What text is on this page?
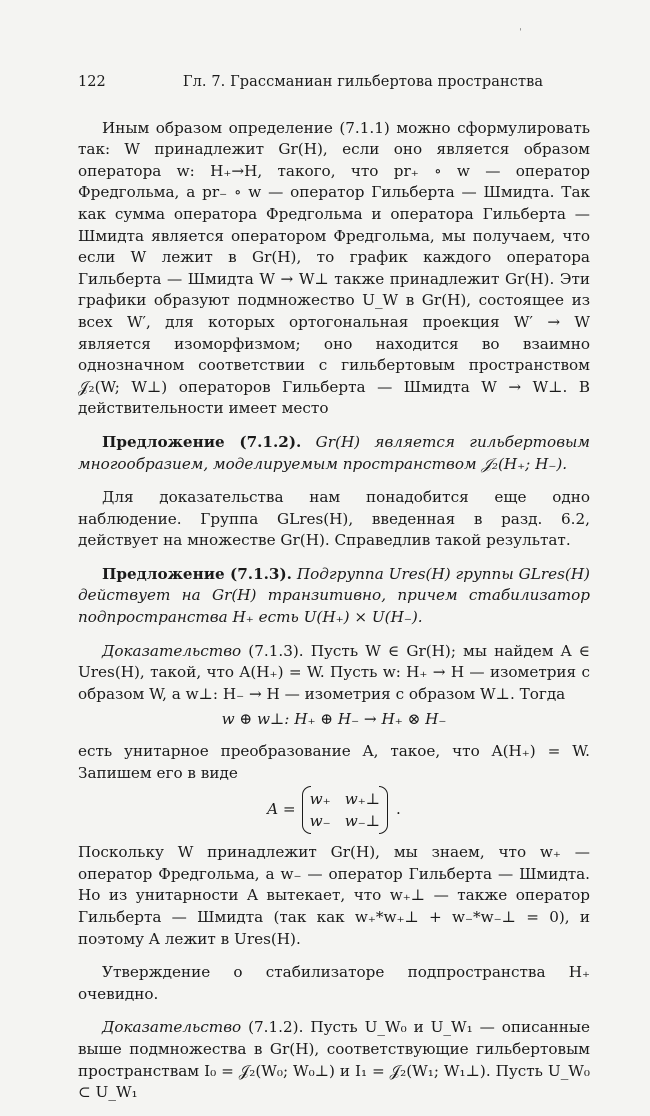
ˈ
122	Гл. 7. Грассманиан гильбертова пространства

Иным образом определение (7.1.1) можно сформулировать так: W принадлежит Gr(H), если оно является образом оператора w: H₊→H, такого, что pr₊ ∘ w — оператор Фредгольма, а pr₋ ∘ w — оператор Гильберта — Шмидта. Так как сумма оператора Фредгольма и оператора Гильберта — Шмидта является оператором Фредгольма, мы получаем, что если W лежит в Gr(H), то график каждого оператора Гильберта — Шмидта W → W⊥ также принадлежит Gr(H). Эти графики образуют подмножество U_W в Gr(H), состоящее из всех W′, для которых ортогональная проекция W′ → W является изоморфизмом; оно находится во взаимно однозначном соответствии с гильбертовым пространством 𝒥₂(W; W⊥) операторов Гильберта — Шмидта W → W⊥. В действительности имеет место

Предложение (7.1.2). Gr(H) является гильбертовым многообразием, моделируемым пространством 𝒥₂(H₊; H₋).

Для доказательства нам понадобится еще одно наблюдение. Группа GLres(H), введенная в разд. 6.2, действует на множестве Gr(H). Справедлив такой результат.

Предложение (7.1.3). Подгруппа Ures(H) группы GLres(H) действует на Gr(H) транзитивно, причем стабилизатор подпространства H₊ есть U(H₊) × U(H₋).

Доказательство (7.1.3). Пусть W ∈ Gr(H); мы найдем A ∈ Ures(H), такой, что A(H₊) = W. Пусть w: H₊ → H — изометрия с образом W, а w⊥: H₋ → H — изометрия с образом W⊥. Тогда

w ⊕ w⊥: H₊ ⊕ H₋ → H₊ ⊗ H₋

есть унитарное преобразование A, такое, что A(H₊) = W. Запишем его в виде

A =
w₊ w₊⊥
w₋ w₋⊥
.

Поскольку W принадлежит Gr(H), мы знаем, что w₊ — оператор Фредгольма, а w₋ — оператор Гильберта — Шмидта. Но из унитарности A вытекает, что w₊⊥ — также оператор Гильберта — Шмидта (так как w₊*w₊⊥ + w₋*w₋⊥ = 0), и поэтому A лежит в Ures(H).

Утверждение о стабилизаторе подпространства H₊ очевидно.

Доказательство (7.1.2). Пусть U_W₀ и U_W₁ — описанные выше подмножества в Gr(H), соответствующие гильбертовым пространствам I₀ = 𝒥₂(W₀; W₀⊥) и I₁ = 𝒥₂(W₁; W₁⊥). Пусть U_W₀ ⊂ U_W₁
